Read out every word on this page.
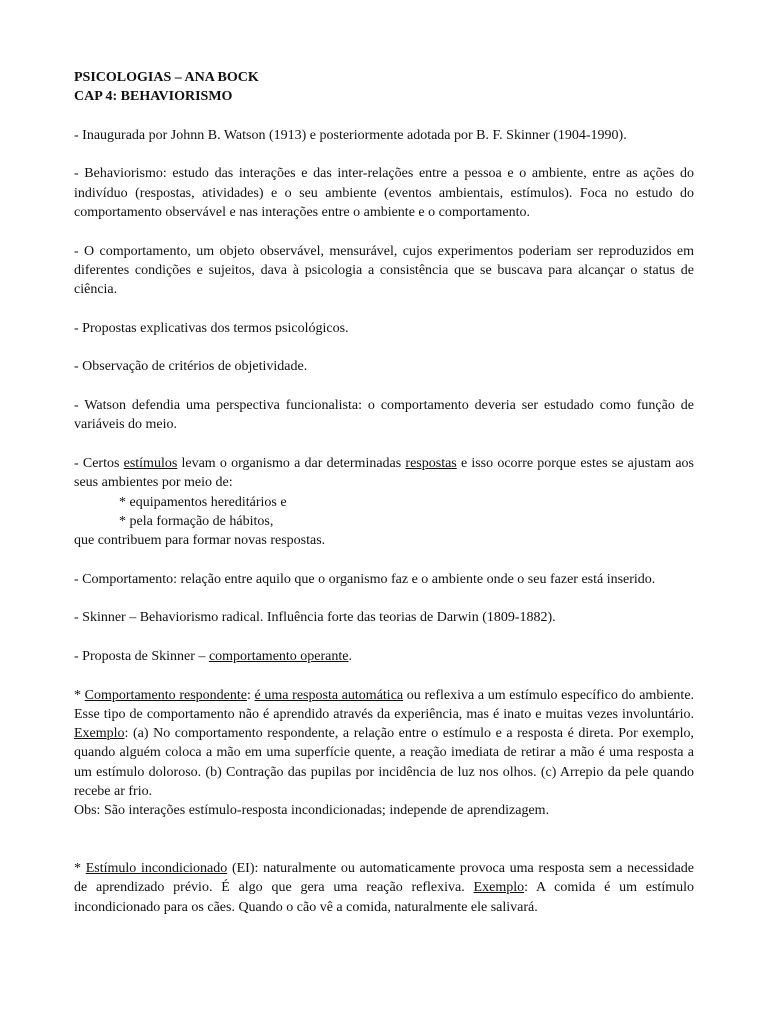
PSICOLOGIAS – ANA BOCK

CAP 4: BEHAVIORISMO

- Inaugurada por Johnn B. Watson (1913) e posteriormente adotada por B. F. Skinner (1904-1990).

- Behaviorismo: estudo das interações e das inter-relações entre a pessoa e o ambiente, entre as ações do indivíduo (respostas, atividades) e o seu ambiente (eventos ambientais, estímulos). Foca no estudo do comportamento observável e nas interações entre o ambiente e o comportamento.

- O comportamento, um objeto observável, mensurável, cujos experimentos poderiam ser reproduzidos em diferentes condições e sujeitos, dava à psicologia a consistência que se buscava para alcançar o status de ciência.

- Propostas explicativas dos termos psicológicos.

- Observação de critérios de objetividade.

- Watson defendia uma perspectiva funcionalista: o comportamento deveria ser estudado como função de variáveis do meio.

- Certos estímulos levam o organismo a dar determinadas respostas e isso ocorre porque estes se ajustam aos seus ambientes por meio de:

* equipamentos hereditários e

* pela formação de hábitos,

que contribuem para formar novas respostas.

- Comportamento: relação entre aquilo que o organismo faz e o ambiente onde o seu fazer está inserido.

- Skinner – Behaviorismo radical. Influência forte das teorias de Darwin (1809-1882).

- Proposta de Skinner – comportamento operante.

* Comportamento respondente: é uma resposta automática ou reflexiva a um estímulo específico do ambiente. Esse tipo de comportamento não é aprendido através da experiência, mas é inato e muitas vezes involuntário. Exemplo: (a) No comportamento respondente, a relação entre o estímulo e a resposta é direta. Por exemplo, quando alguém coloca a mão em uma superfície quente, a reação imediata de retirar a mão é uma resposta a um estímulo doloroso. (b) Contração das pupilas por incidência de luz nos olhos. (c) Arrepio da pele quando recebe ar frio.

Obs: São interações estímulo-resposta incondicionadas; independe de aprendizagem.

* Estímulo incondicionado (EI): naturalmente ou automaticamente provoca uma resposta sem a necessidade de aprendizado prévio. É algo que gera uma reação reflexiva. Exemplo: A comida é um estímulo incondicionado para os cães. Quando o cão vê a comida, naturalmente ele salivará.
